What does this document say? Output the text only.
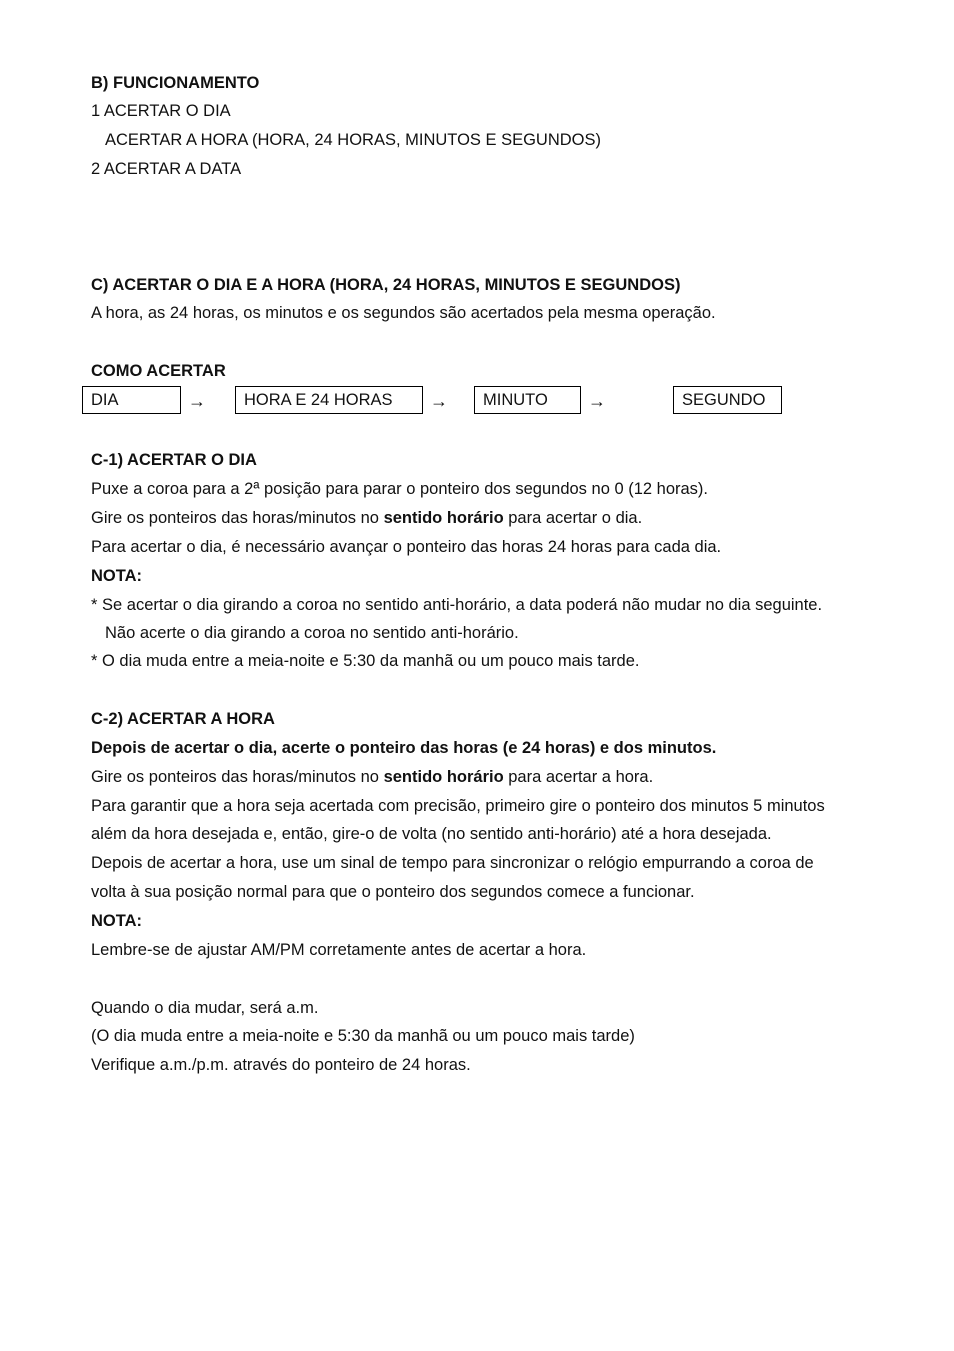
B) FUNCIONAMENTO
1 ACERTAR O DIA
ACERTAR A HORA (HORA, 24 HORAS, MINUTOS E SEGUNDOS)
2 ACERTAR A DATA
C) ACERTAR O DIA E A HORA (HORA, 24 HORAS, MINUTOS E SEGUNDOS)
A hora, as 24 horas, os minutos e os segundos são acertados pela mesma operação.
COMO ACERTAR
DIA	→	HORA E 24 HORAS	→	MINUTO	→	SEGUNDO
C-1) ACERTAR O DIA
Puxe a coroa para a 2ª posição para parar o ponteiro dos segundos no 0 (12 horas).
Gire os ponteiros das horas/minutos no sentido horário para acertar o dia.
Para acertar o dia, é necessário avançar o ponteiro das horas 24 horas para cada dia.
NOTA:
* Se acertar o dia girando a coroa no sentido anti-horário, a data poderá não mudar no dia seguinte.
Não acerte o dia girando a coroa no sentido anti-horário.
* O dia muda entre a meia-noite e 5:30 da manhã ou um pouco mais tarde.
C-2) ACERTAR A HORA
Depois de acertar o dia, acerte o ponteiro das horas (e 24 horas) e dos minutos.
Gire os ponteiros das horas/minutos no sentido horário para acertar a hora.
Para garantir que a hora seja acertada com precisão, primeiro gire o ponteiro dos minutos 5 minutos
além da hora desejada e, então, gire-o de volta (no sentido anti-horário) até a hora desejada.
Depois de acertar a hora, use um sinal de tempo para sincronizar o relógio empurrando a coroa de
volta à sua posição normal para que o ponteiro dos segundos comece a funcionar.
NOTA:
Lembre-se de ajustar AM/PM corretamente antes de acertar a hora.
Quando o dia mudar, será a.m.
(O dia muda entre a meia-noite e 5:30 da manhã ou um pouco mais tarde)
Verifique a.m./p.m. através do ponteiro de 24 horas.
